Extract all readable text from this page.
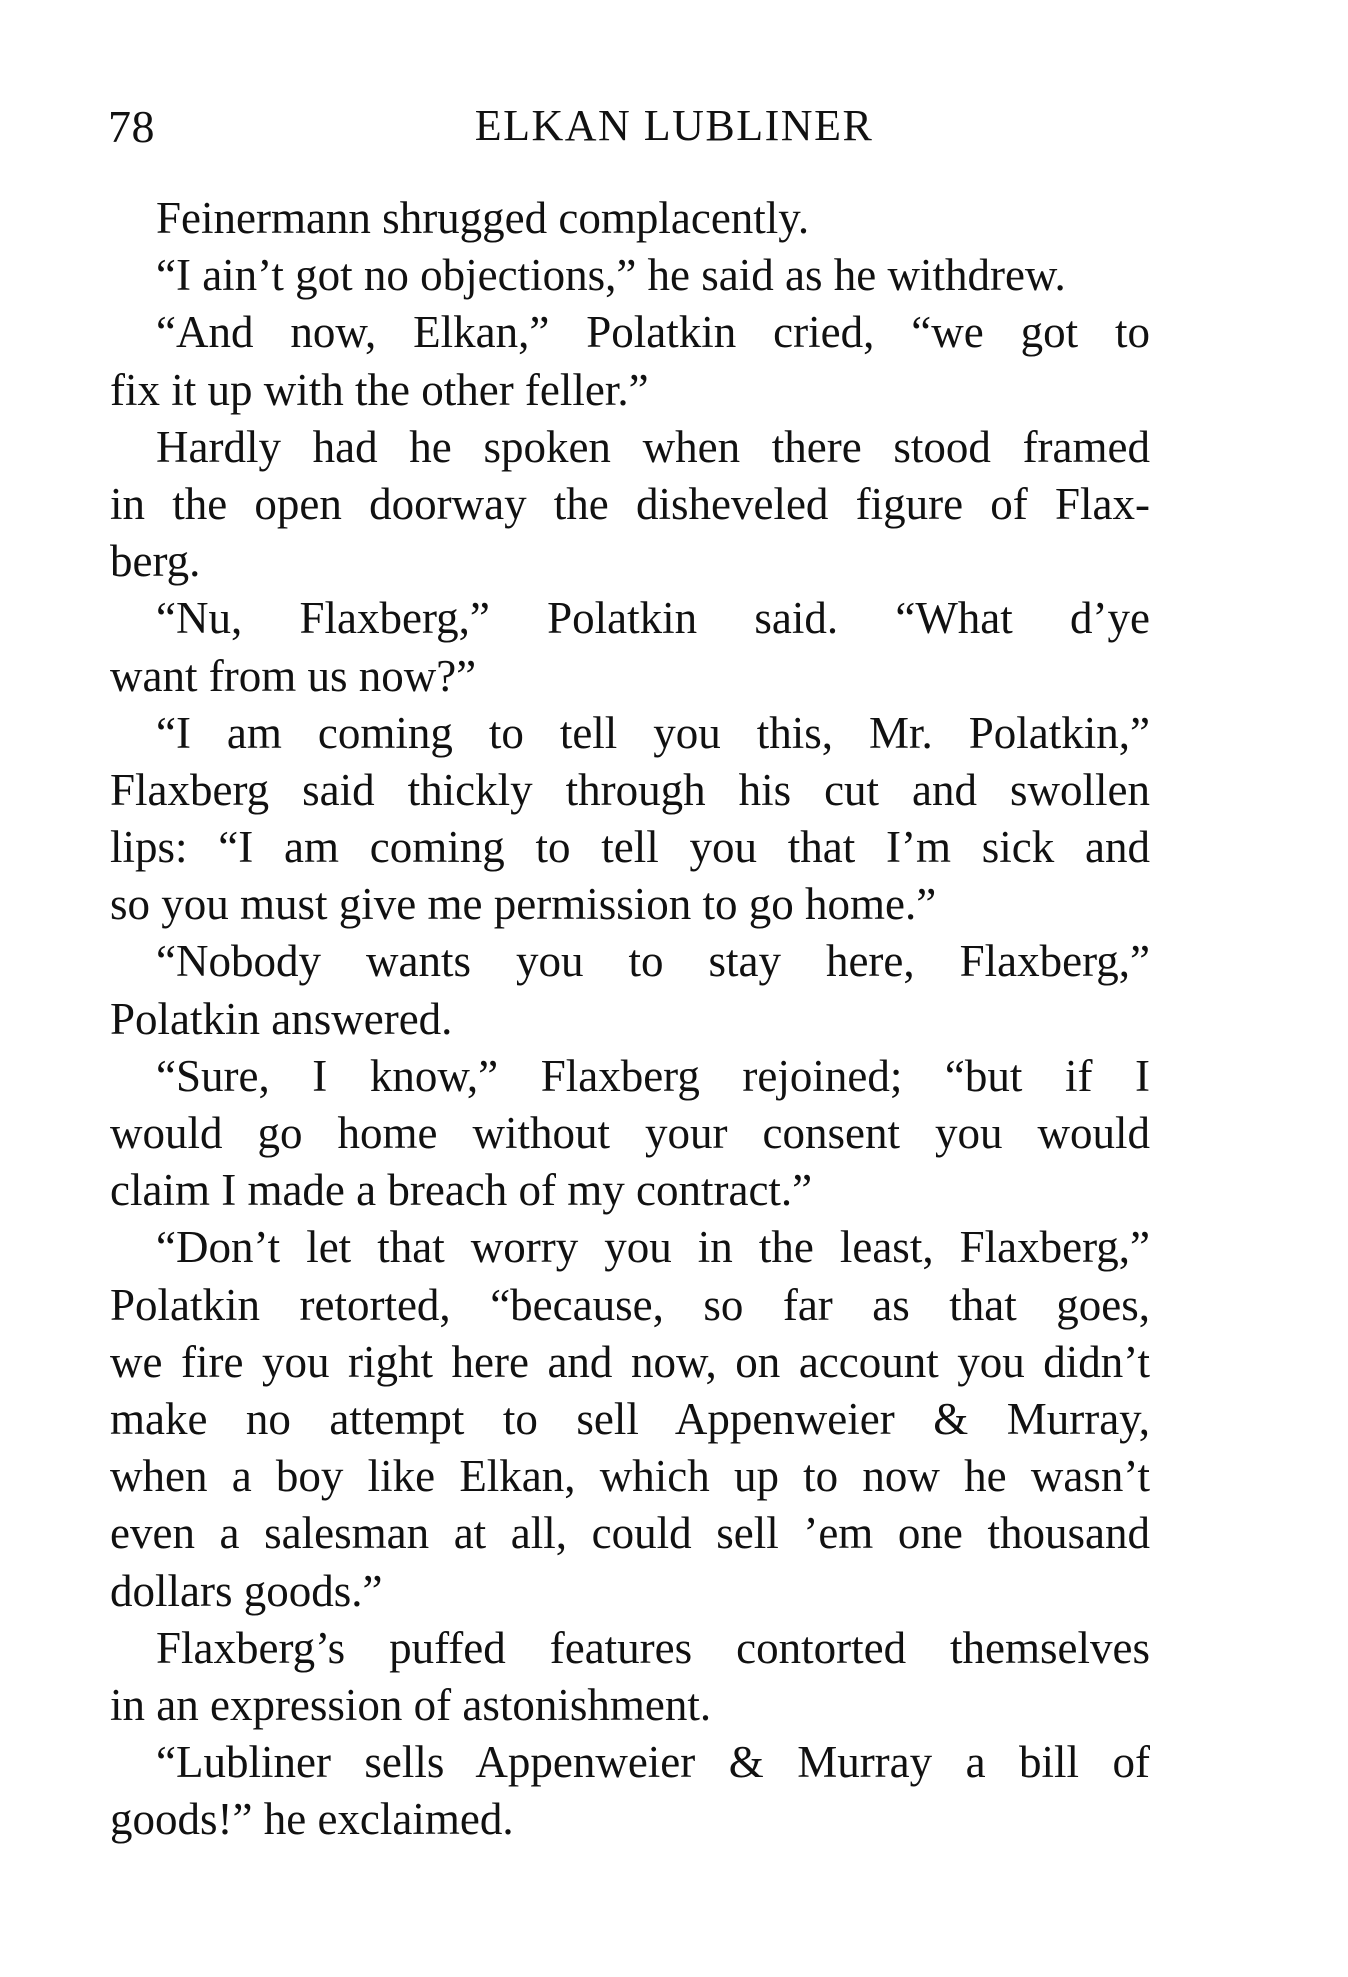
78	ELKAN LUBLINER
Feinermann shrugged complacently.
“I ain’t got no objections,” he said as he withdrew.
“And now, Elkan,” Polatkin cried, “we got to
fix it up with the other feller.”
Hardly had he spoken when there stood framed
in the open doorway the disheveled figure of Flax-
berg.
“Nu, Flaxberg,” Polatkin said. “What d’ye
want from us now?”
“I am coming to tell you this, Mr. Polatkin,”
Flaxberg said thickly through his cut and swollen
lips: “I am coming to tell you that I’m sick and
so you must give me permission to go home.”
“Nobody wants you to stay here, Flaxberg,”
Polatkin answered.
“Sure, I know,” Flaxberg rejoined; “but if I
would go home without your consent you would
claim I made a breach of my contract.”
“Don’t let that worry you in the least, Flaxberg,”
Polatkin retorted, “because, so far as that goes,
we fire you right here and now, on account you didn’t
make no attempt to sell Appenweier & Murray,
when a boy like Elkan, which up to now he wasn’t
even a salesman at all, could sell ’em one thousand
dollars goods.”
Flaxberg’s puffed features contorted themselves
in an expression of astonishment.
“Lubliner sells Appenweier & Murray a bill of
goods!” he exclaimed.
